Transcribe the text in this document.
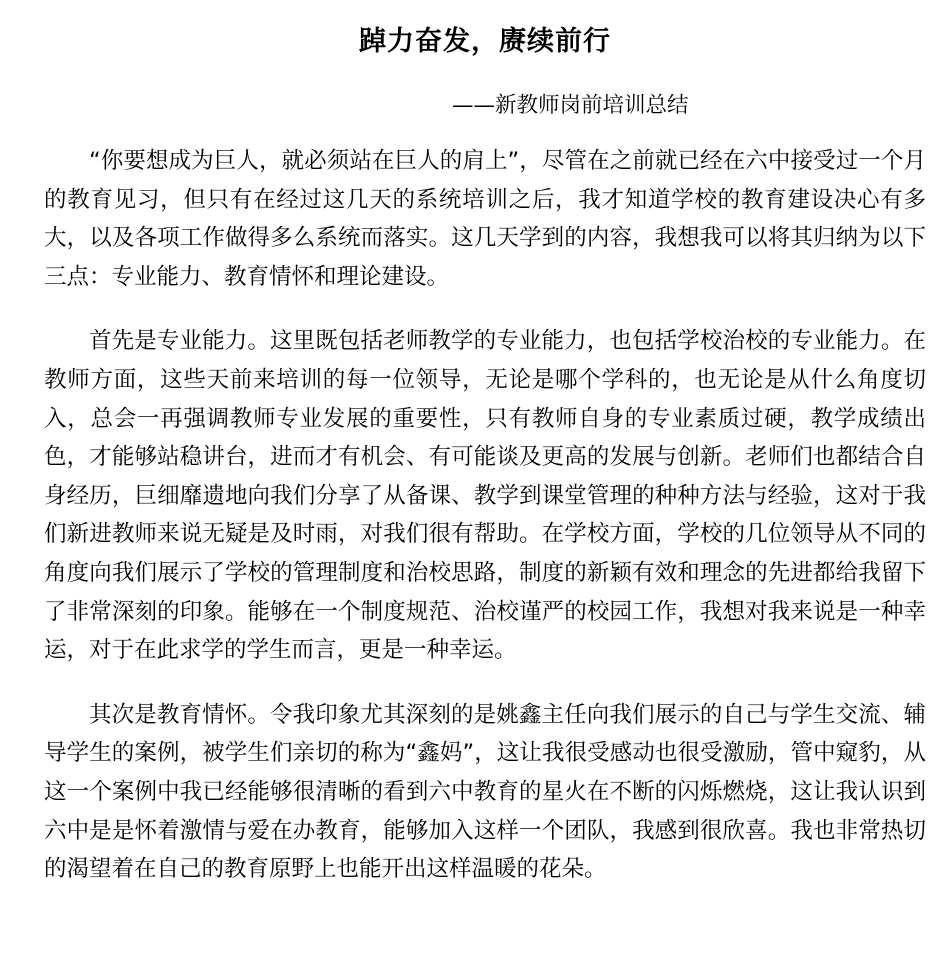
踔力奋发，赓续前行

——新教师岗前培训总结

“你要想成为巨人，就必须站在巨人的肩上”，尽管在之前就已经在六中接受过一个月的教育见习，但只有在经过这几天的系统培训之后，我才知道学校的教育建设决心有多大，以及各项工作做得多么系统而落实。这几天学到的内容，我想我可以将其归纳为以下三点：专业能力、教育情怀和理论建设。

首先是专业能力。这里既包括老师教学的专业能力，也包括学校治校的专业能力。在教师方面，这些天前来培训的每一位领导，无论是哪个学科的，也无论是从什么角度切入，总会一再强调教师专业发展的重要性，只有教师自身的专业素质过硬，教学成绩出色，才能够站稳讲台，进而才有机会、有可能谈及更高的发展与创新。老师们也都结合自身经历，巨细靡遗地向我们分享了从备课、教学到课堂管理的种种方法与经验，这对于我们新进教师来说无疑是及时雨，对我们很有帮助。在学校方面，学校的几位领导从不同的角度向我们展示了学校的管理制度和治校思路，制度的新颖有效和理念的先进都给我留下了非常深刻的印象。能够在一个制度规范、治校谨严的校园工作，我想对我来说是一种幸运，对于在此求学的学生而言，更是一种幸运。

其次是教育情怀。令我印象尤其深刻的是姚鑫主任向我们展示的自己与学生交流、辅导学生的案例，被学生们亲切的称为“鑫妈”，这让我很受感动也很受激励，管中窥豹，从这一个案例中我已经能够很清晰的看到六中教育的星火在不断的闪烁燃烧，这让我认识到六中是是怀着激情与爱在办教育，能够加入这样一个团队，我感到很欣喜。我也非常热切的渴望着在自己的教育原野上也能开出这样温暖的花朵。
